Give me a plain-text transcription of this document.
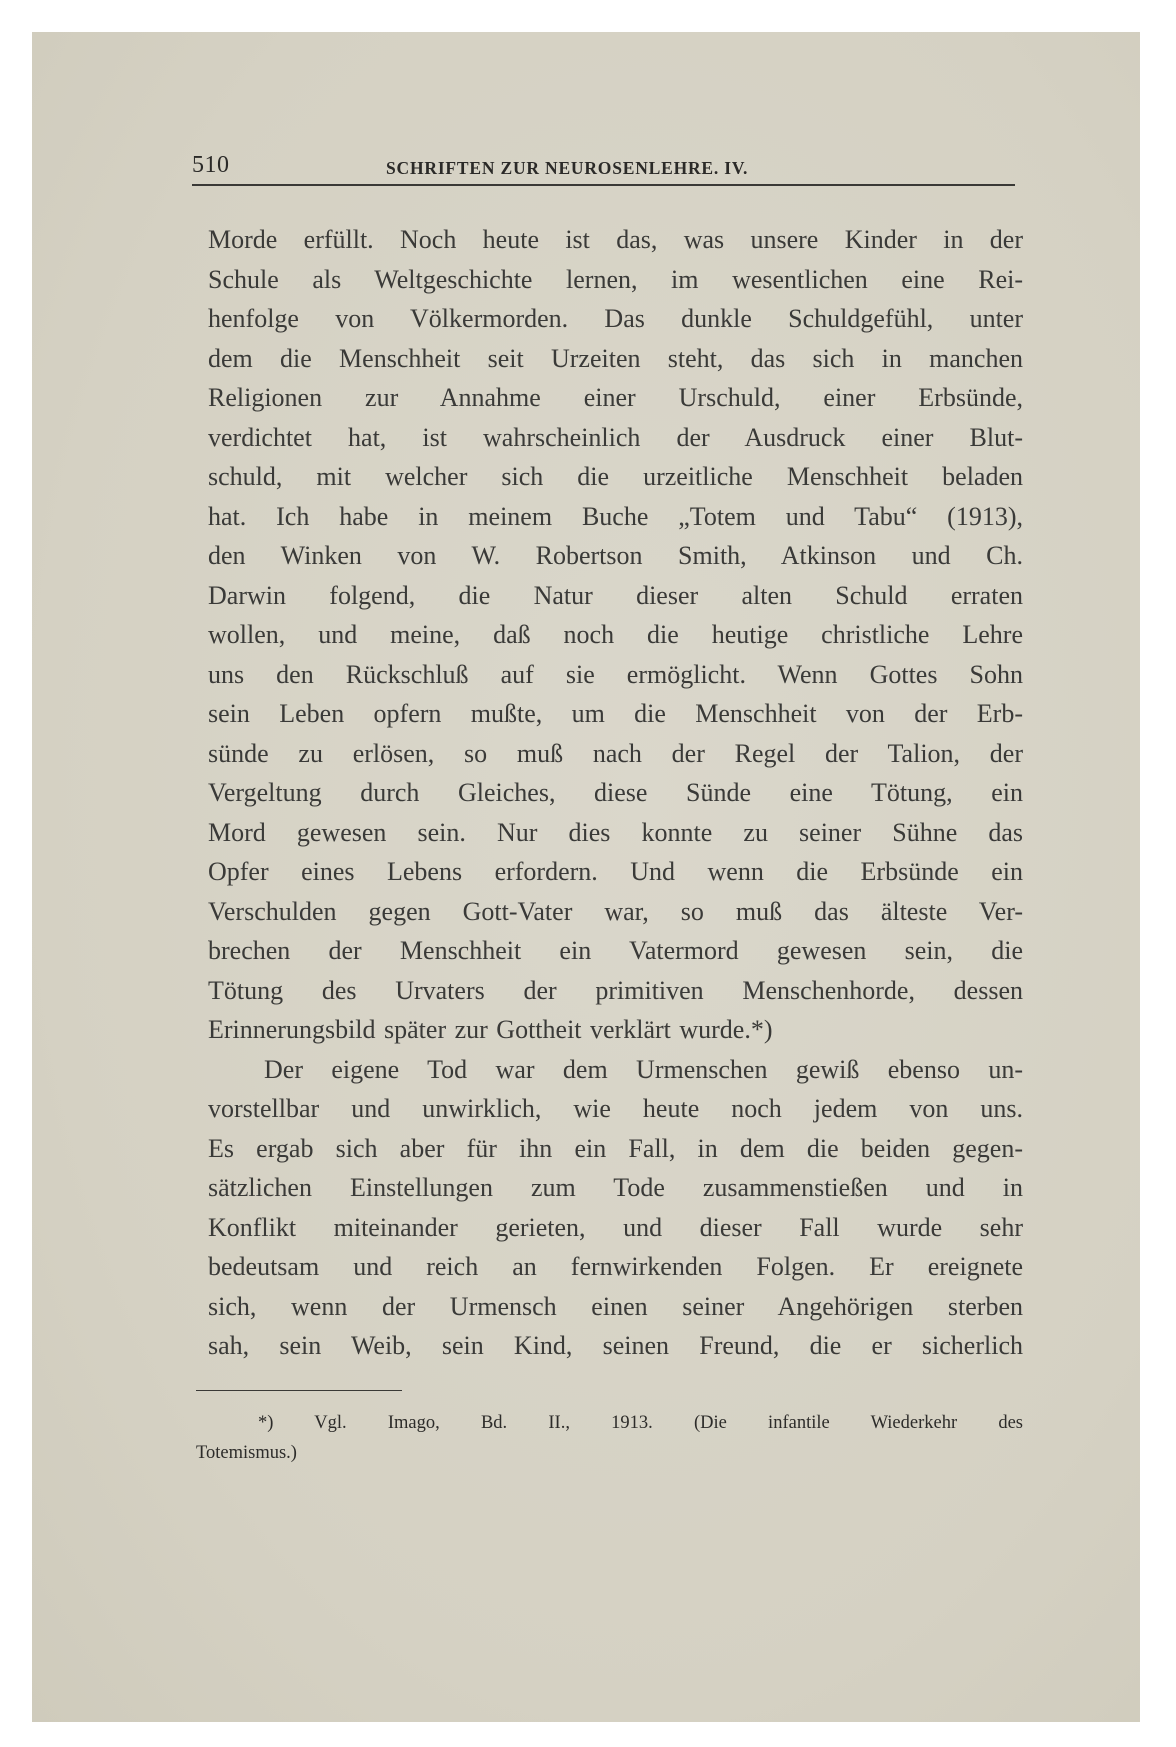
510	SCHRIFTEN ZUR NEUROSENLEHRE. IV.
Morde erfüllt. Noch heute ist das, was unsere Kinder in der
Schule als Weltgeschichte lernen, im wesentlichen eine Rei-
henfolge von Völkermorden. Das dunkle Schuldgefühl, unter
dem die Menschheit seit Urzeiten steht, das sich in manchen
Religionen zur Annahme einer Urschuld, einer Erbsünde,
verdichtet hat, ist wahrscheinlich der Ausdruck einer Blut-
schuld, mit welcher sich die urzeitliche Menschheit beladen
hat. Ich habe in meinem Buche „Totem und Tabu“ (1913),
den Winken von W. Robertson Smith, Atkinson und Ch.
Darwin folgend, die Natur dieser alten Schuld erraten
wollen, und meine, daß noch die heutige christliche Lehre
uns den Rückschluß auf sie ermöglicht. Wenn Gottes Sohn
sein Leben opfern mußte, um die Menschheit von der Erb-
sünde zu erlösen, so muß nach der Regel der Talion, der
Vergeltung durch Gleiches, diese Sünde eine Tötung, ein
Mord gewesen sein. Nur dies konnte zu seiner Sühne das
Opfer eines Lebens erfordern. Und wenn die Erbsünde ein
Verschulden gegen Gott-Vater war, so muß das älteste Ver-
brechen der Menschheit ein Vatermord gewesen sein, die
Tötung des Urvaters der primitiven Menschenhorde, dessen
Erinnerungsbild später zur Gottheit verklärt wurde.*)
Der eigene Tod war dem Urmenschen gewiß ebenso un-
vorstellbar und unwirklich, wie heute noch jedem von uns.
Es ergab sich aber für ihn ein Fall, in dem die beiden gegen-
sätzlichen Einstellungen zum Tode zusammenstießen und in
Konflikt miteinander gerieten, und dieser Fall wurde sehr
bedeutsam und reich an fernwirkenden Folgen. Er ereignete
sich, wenn der Urmensch einen seiner Angehörigen sterben
sah, sein Weib, sein Kind, seinen Freund, die er sicherlich
*) Vgl. Imago, Bd. II., 1913. (Die infantile Wiederkehr des
Totemismus.)
